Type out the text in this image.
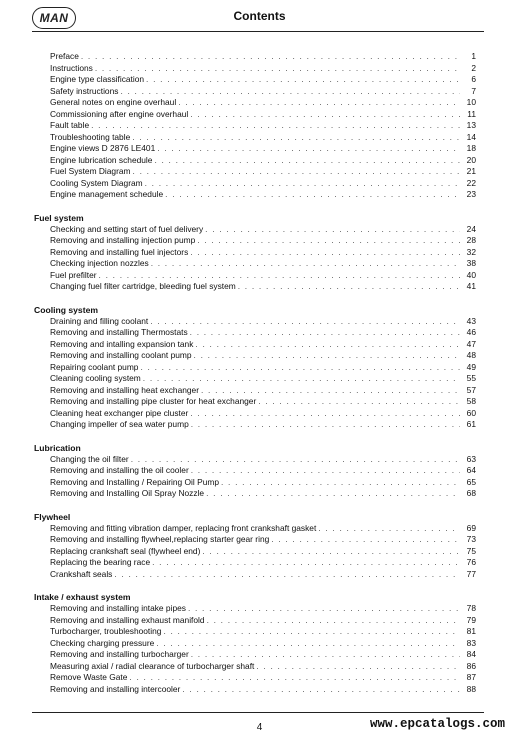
MAN	Contents
Preface . . .	1
Instructions . . .	2
Engine type classification . . .	6
Safety instructions . . .	7
General notes on engine overhaul . . .	10
Commissioning after engine overhaul . . .	11
Fault table . . .	13
Troubleshooting table . . .	14
Engine views D 2876 LE401 . . .	18
Engine lubrication schedule . . .	20
Fuel System Diagram . . .	21
Cooling System Diagram . . .	22
Engine management schedule . . .	23
Fuel system
Checking and setting start of fuel delivery . . .	24
Removing and installing injection pump . . .	28
Removing and installing fuel injectors . . .	32
Checking injection nozzles . . .	38
Fuel prefilter . . .	40
Changing fuel filter cartridge, bleeding fuel system . . .	41
Cooling system
Draining and filling coolant . . .	43
Removing and installing Thermostats . . .	46
Removing and intalling expansion tank . . .	47
Removing and installing coolant pump . . .	48
Repairing coolant pump . . .	49
Cleaning cooling system . . .	55
Removing and installing heat exchanger . . .	57
Removing and installing pipe cluster for heat exchanger . . .	58
Cleaning heat exchanger pipe cluster . . .	60
Changing impeller of sea water pump . . .	61
Lubrication
Changing the oil filter . . .	63
Removing and installing the oil cooler . . .	64
Removing and Installing / Repairing Oil Pump . . .	65
Removing and Installing Oil Spray Nozzle . . .	68
Flywheel
Removing and fitting vibration damper, replacing front crankshaft gasket . . .	69
Removing and installing flywheel,replacing starter gear ring . . .	73
Replacing crankshaft seal (flywheel end) . . .	75
Replacing the bearing race . . .	76
Crankshaft seals . . .	77
Intake / exhaust system
Removing and installing intake pipes . . .	78
Removing and installing exhaust manifold . . .	79
Turbocharger, troubleshooting . . .	81
Checking charging pressure . . .	83
Removing and installing turbocharger . . .	84
Measuring axial / radial clearance of turbocharger shaft . . .	86
Remove Waste Gate . . .	87
Removing and installing intercooler . . .	88
4	www.epcatalogs.com
